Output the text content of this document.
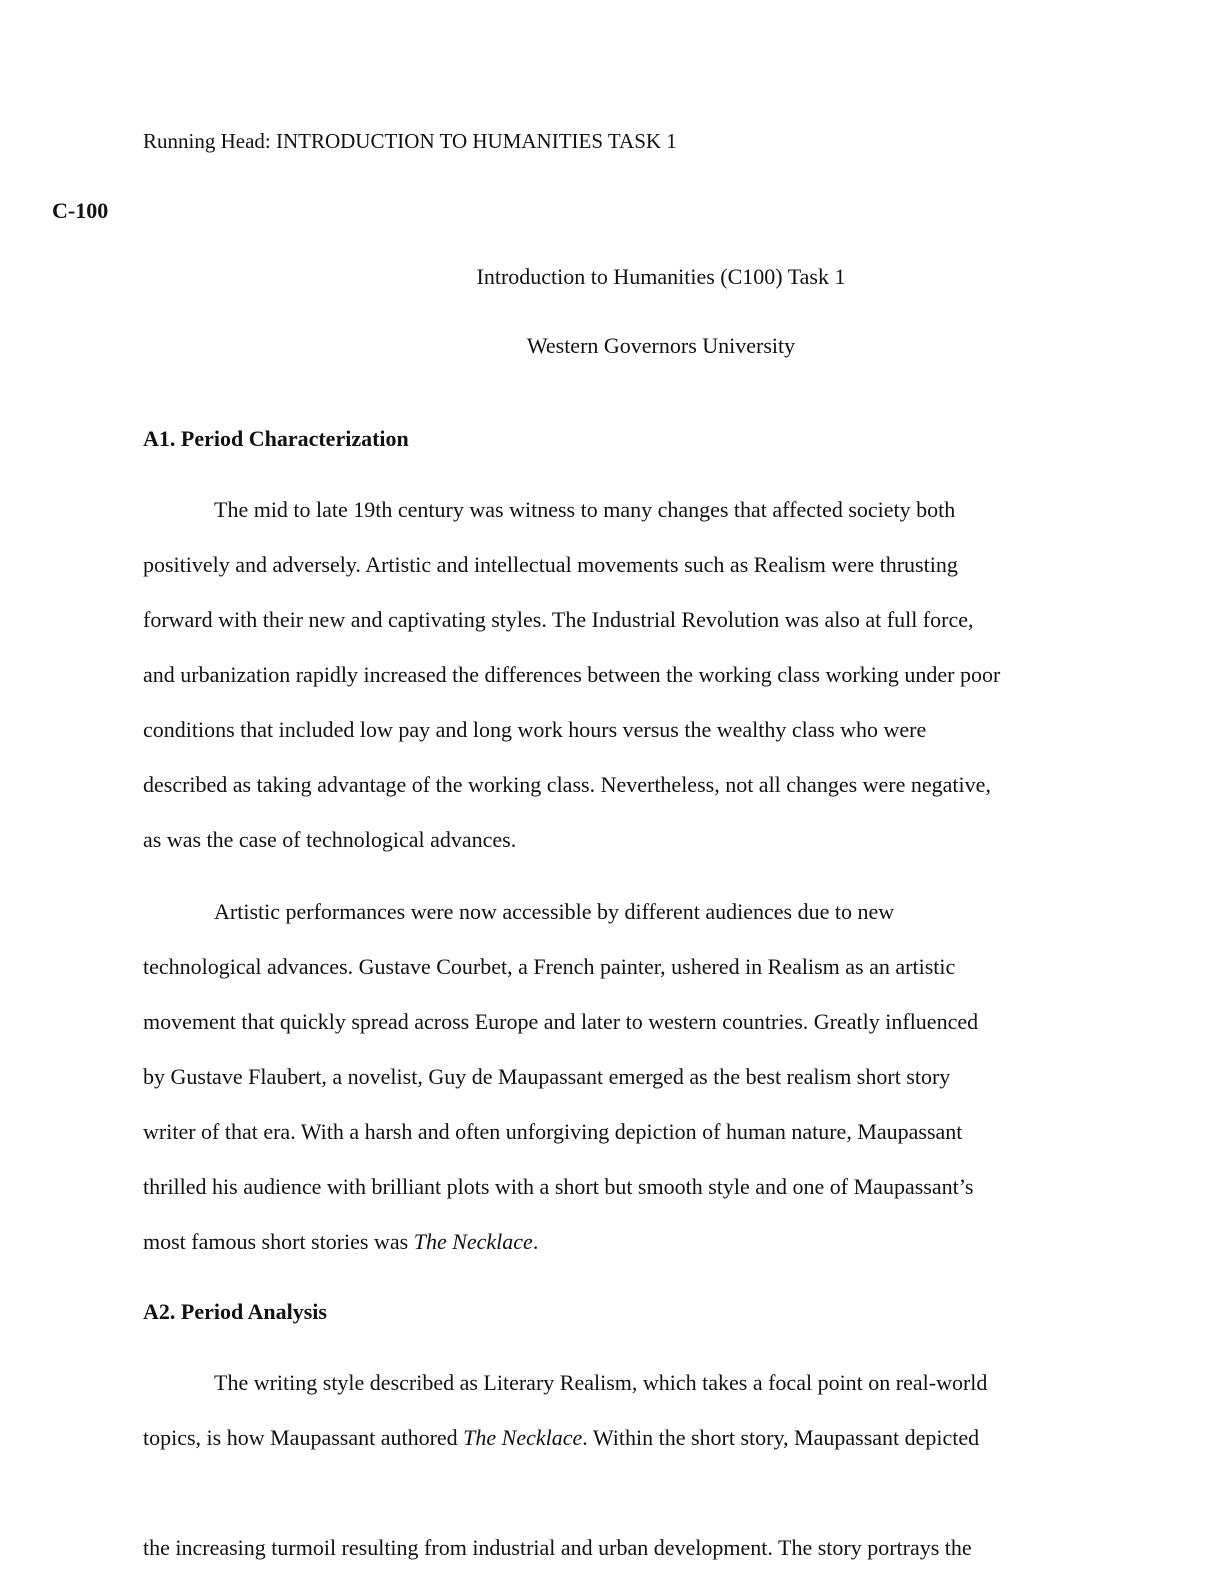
Running Head: INTRODUCTION TO HUMANITIES TASK 1
C-100
Introduction to Humanities (C100) Task 1
Western Governors University
A1. Period Characterization
The mid to late 19th century was witness to many changes that affected society both
positively and adversely. Artistic and intellectual movements such as Realism were thrusting
forward with their new and captivating styles. The Industrial Revolution was also at full force,
and urbanization rapidly increased the differences between the working class working under poor
conditions that included low pay and long work hours versus the wealthy class who were
described as taking advantage of the working class. Nevertheless, not all changes were negative,
as was the case of technological advances.
Artistic performances were now accessible by different audiences due to new
technological advances. Gustave Courbet, a French painter, ushered in Realism as an artistic
movement that quickly spread across Europe and later to western countries. Greatly influenced
by Gustave Flaubert, a novelist, Guy de Maupassant emerged as the best realism short story
writer of that era. With a harsh and often unforgiving depiction of human nature, Maupassant
thrilled his audience with brilliant plots with a short but smooth style and one of Maupassant’s
most famous short stories was The Necklace.
A2. Period Analysis
The writing style described as Literary Realism, which takes a focal point on real-world
topics, is how Maupassant authored The Necklace. Within the short story, Maupassant depicted
the increasing turmoil resulting from industrial and urban development. The story portrays the
